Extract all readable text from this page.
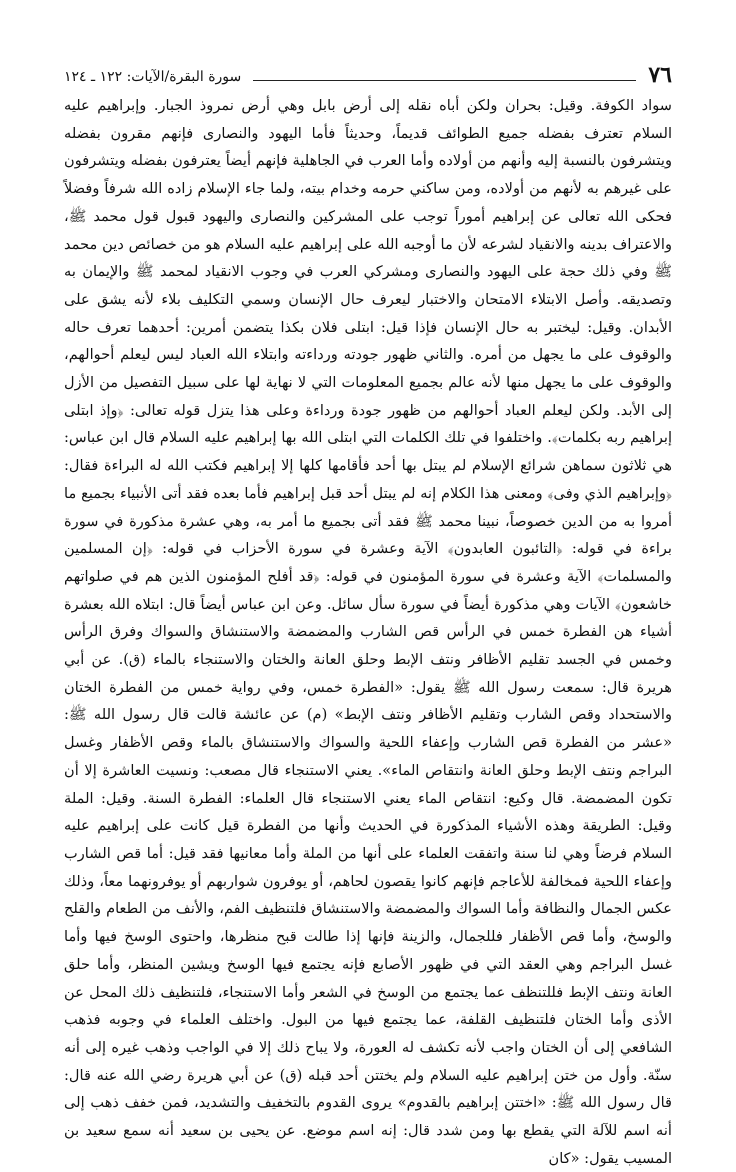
٧٦
سورة البقرة/الآيات: ١٢٢ ـ ١٢٤

سواد الكوفة. وقيل: بحران ولكن أباه نقله إلى أرض بابل وهي أرض نمروذ الجبار. وإبراهيم عليه السلام تعترف بفضله جميع الطوائف قديماً، وحديثاً فأما اليهود والنصارى فإنهم مقرون بفضله ويتشرفون بالنسبة إليه وأنهم من أولاده وأما العرب في الجاهلية فإنهم أيضاً يعترفون بفضله ويتشرفون على غيرهم به لأنهم من أولاده، ومن ساكني حرمه وخدام بيته، ولما جاء الإسلام زاده الله شرفاً وفضلاً فحكى الله تعالى عن إبراهيم أموراً توجب على المشركين والنصارى واليهود قبول قول محمد ﷺ، والاعتراف بدينه والانقياد لشرعه لأن ما أوجبه الله على إبراهيم عليه السلام هو من خصائص دين محمد ﷺ وفي ذلك حجة على اليهود والنصارى ومشركي العرب في وجوب الانقياد لمحمد ﷺ والإيمان به وتصديقه. وأصل الابتلاء الامتحان والاختبار ليعرف حال الإنسان وسمي التكليف بلاء لأنه يشق على الأبدان. وقيل: ليختبر به حال الإنسان فإذا قيل: ابتلى فلان بكذا يتضمن أمرين: أحدهما تعرف حاله والوقوف على ما يجهل من أمره. والثاني ظهور جودته ورداءته وابتلاء الله العباد ليس ليعلم أحوالهم، والوقوف على ما يجهل منها لأنه عالم بجميع المعلومات التي لا نهاية لها على سبيل التفصيل من الأزل إلى الأبد. ولكن ليعلم العباد أحوالهم من ظهور جودة ورداءة وعلى هذا يتزل قوله تعالى: ﴿وإذ ابتلى إبراهيم ربه بكلمات﴾. واختلفوا في تلك الكلمات التي ابتلى الله بها إبراهيم عليه السلام قال ابن عباس: هي ثلاثون سماهن شرائع الإسلام لم يبتل بها أحد فأقامها كلها إلا إبراهيم فكتب الله له البراءة فقال: ﴿وإبراهيم الذي وفى﴾ ومعنى هذا الكلام إنه لم يبتل أحد قبل إبراهيم فأما بعده فقد أتى الأنبياء بجميع ما أمروا به من الدين خصوصاً، نبينا محمد ﷺ فقد أتى بجميع ما أمر به، وهي عشرة مذكورة في سورة براءة في قوله: ﴿التائبون العابدون﴾ الآية وعشرة في سورة الأحزاب في قوله: ﴿إن المسلمين والمسلمات﴾ الآية وعشرة في سورة المؤمنون في قوله: ﴿قد أفلح المؤمنون الذين هم في صلواتهم خاشعون﴾ الآيات وهي مذكورة أيضاً في سورة سأل سائل. وعن ابن عباس أيضاً قال: ابتلاه الله بعشرة أشياء هن الفطرة خمس في الرأس قص الشارب والمضمضة والاستنشاق والسواك وفرق الرأس وخمس في الجسد تقليم الأظافر ونتف الإبط وحلق العانة والختان والاستنجاء بالماء (ق). عن أبي هريرة قال: سمعت رسول الله ﷺ يقول: «الفطرة خمس، وفي رواية خمس من الفطرة الختان والاستحداد وقص الشارب وتقليم الأظافر ونتف الإبط» (م) عن عائشة قالت قال رسول الله ﷺ: «عشر من الفطرة قص الشارب وإعفاء اللحية والسواك والاستنشاق بالماء وقص الأظفار وغسل البراجم ونتف الإبط وحلق العانة وانتقاص الماء». يعني الاستنجاء قال مصعب: ونسيت العاشرة إلا أن تكون المضمضة. قال وكيع: انتقاص الماء يعني الاستنجاء قال العلماء: الفطرة السنة. وقيل: الملة وقيل: الطريقة وهذه الأشياء المذكورة في الحديث وأنها من الفطرة قيل كانت على إبراهيم عليه السلام فرضاً وهي لنا سنة واتفقت العلماء على أنها من الملة وأما معانيها فقد قيل: أما قص الشارب وإعفاء اللحية فمخالفة للأعاجم فإنهم كانوا يقصون لحاهم، أو يوفرون شواربهم أو يوفرونهما معاً، وذلك عكس الجمال والنظافة وأما السواك والمضمضة والاستنشاق فلتنظيف الفم، والأنف من الطعام والقلح والوسخ، وأما قص الأظفار فللجمال، والزينة فإنها إذا طالت قبح منظرها، واحتوى الوسخ فيها وأما غسل البراجم وهي العقد التي في ظهور الأصابع فإنه يجتمع فيها الوسخ ويشين المنظر، وأما حلق العانة ونتف الإبط فللتنظف عما يجتمع من الوسخ في الشعر وأما الاستنجاء، فلتنظيف ذلك المحل عن الأذى وأما الختان فلتنظيف القلفة، عما يجتمع فيها من البول. واختلف العلماء في وجوبه فذهب الشافعي إلى أن الختان واجب لأنه تكشف له العورة، ولا يباح ذلك إلا في الواجب وذهب غيره إلى أنه سنّة. وأول من ختن إبراهيم عليه السلام ولم يختتن أحد قبله (ق) عن أبي هريرة رضي الله عنه قال: قال رسول الله ﷺ: «اختتن إبراهيم بالقدوم» يروى القدوم بالتخفيف والتشديد، فمن خفف ذهب إلى أنه اسم للآلة التي يقطع بها ومن شدد قال: إنه اسم موضع. عن يحيى بن سعيد أنه سمع سعيد بن المسيب يقول: «كان
